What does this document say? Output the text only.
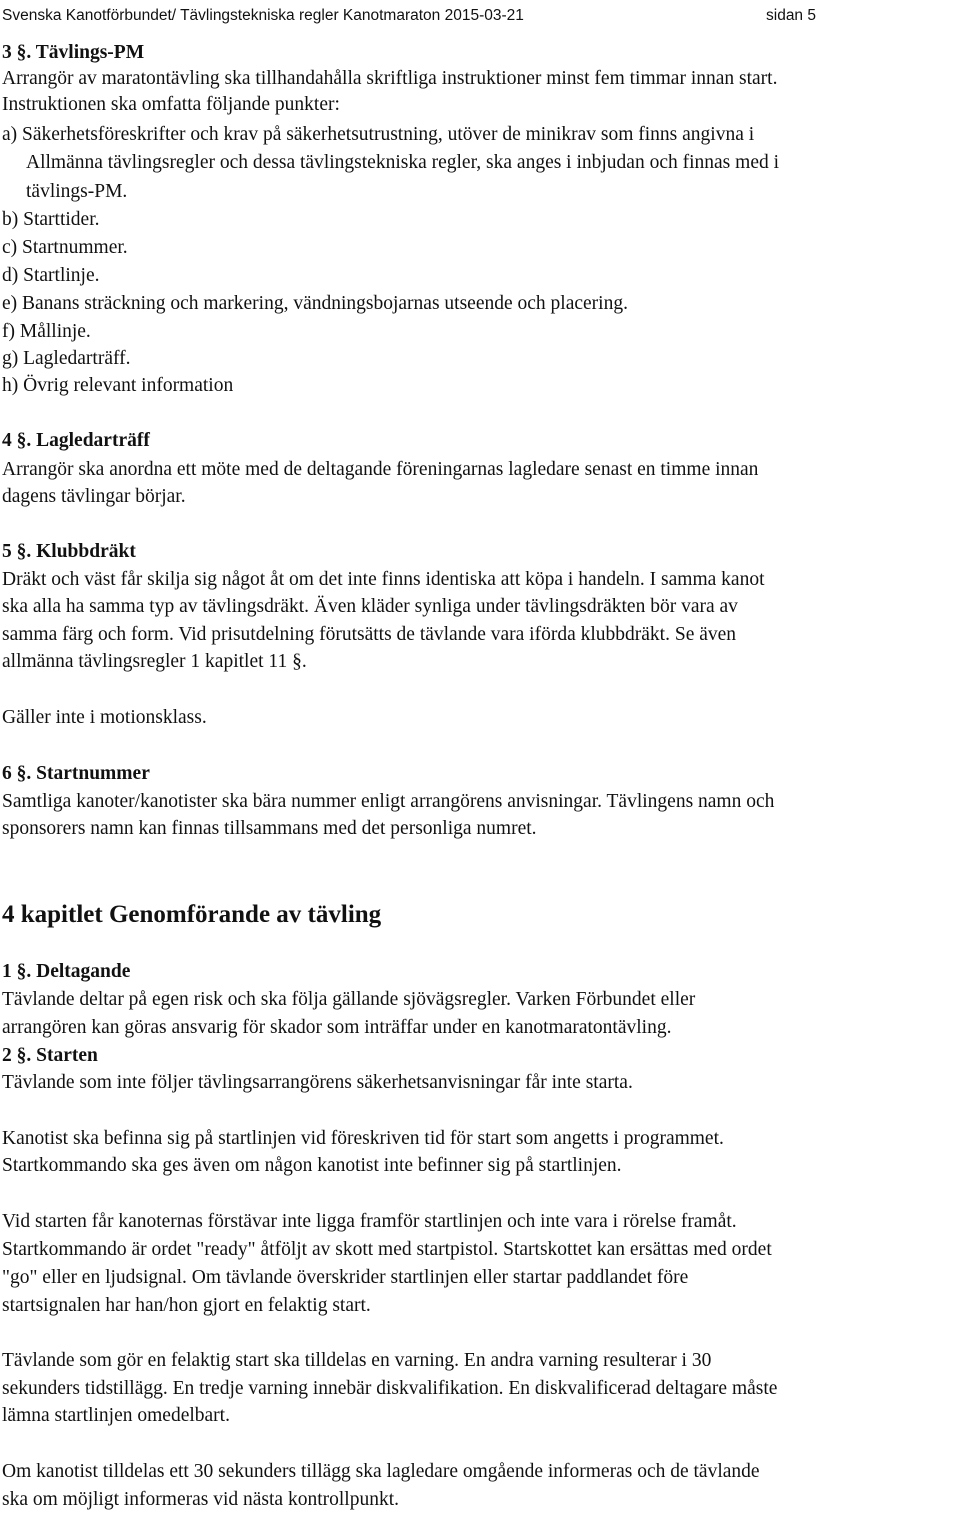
Svenska Kanotförbundet/ Tävlingstekniska regler Kanotmaraton 2015-03-21	sidan 5
3 §. Tävlings-PM
Arrangör av maratontävling ska tillhandahålla skriftliga instruktioner minst fem timmar innan start.
Instruktionen ska omfatta följande punkter:
a) Säkerhetsföreskrifter och krav på säkerhetsutrustning, utöver de minikrav som finns angivna i
Allmänna tävlingsregler och dessa tävlingstekniska regler, ska anges i inbjudan och finnas med i
tävlings-PM.
b) Starttider.
c) Startnummer.
d) Startlinje.
e) Banans sträckning och markering, vändningsbojarnas utseende och placering.
f) Mållinje.
g) Lagledarträff.
h) Övrig relevant information
4 §. Lagledarträff
Arrangör ska anordna ett möte med de deltagande föreningarnas lagledare senast en timme innan
dagens tävlingar börjar.
5 §. Klubbdräkt
Dräkt och väst får skilja sig något åt om det inte finns identiska att köpa i handeln. I samma kanot
ska alla ha samma typ av tävlingsdräkt. Även kläder synliga under tävlingsdräkten bör vara av
samma färg och form. Vid prisutdelning förutsätts de tävlande vara iförda klubbdräkt. Se även
allmänna tävlingsregler 1 kapitlet 11 §.
Gäller inte i motionsklass.
6 §. Startnummer
Samtliga kanoter/kanotister ska bära nummer enligt arrangörens anvisningar. Tävlingens namn och
sponsorers namn kan finnas tillsammans med det personliga numret.
4 kapitlet Genomförande av tävling
1 §. Deltagande
Tävlande deltar på egen risk och ska följa gällande sjövägsregler. Varken Förbundet eller
arrangören kan göras ansvarig för skador som inträffar under en kanotmaratontävling.
2 §. Starten
Tävlande som inte följer tävlingsarrangörens säkerhetsanvisningar får inte starta.
Kanotist ska befinna sig på startlinjen vid föreskriven tid för start som angetts i programmet.
Startkommando ska ges även om någon kanotist inte befinner sig på startlinjen.
Vid starten får kanoternas förstävar inte ligga framför startlinjen och inte vara i rörelse framåt.
Startkommando är ordet "ready" åtföljt av skott med startpistol. Startskottet kan ersättas med ordet
"go" eller en ljudsignal. Om tävlande överskrider startlinjen eller startar paddlandet före
startsignalen har han/hon gjort en felaktig start.
Tävlande som gör en felaktig start ska tilldelas en varning. En andra varning resulterar i 30
sekunders tidstillägg. En tredje varning innebär diskvalifikation. En diskvalificerad deltagare måste
lämna startlinjen omedelbart.
Om kanotist tilldelas ett 30 sekunders tillägg ska lagledare omgående informeras och de tävlande
ska om möjligt informeras vid nästa kontrollpunkt.
